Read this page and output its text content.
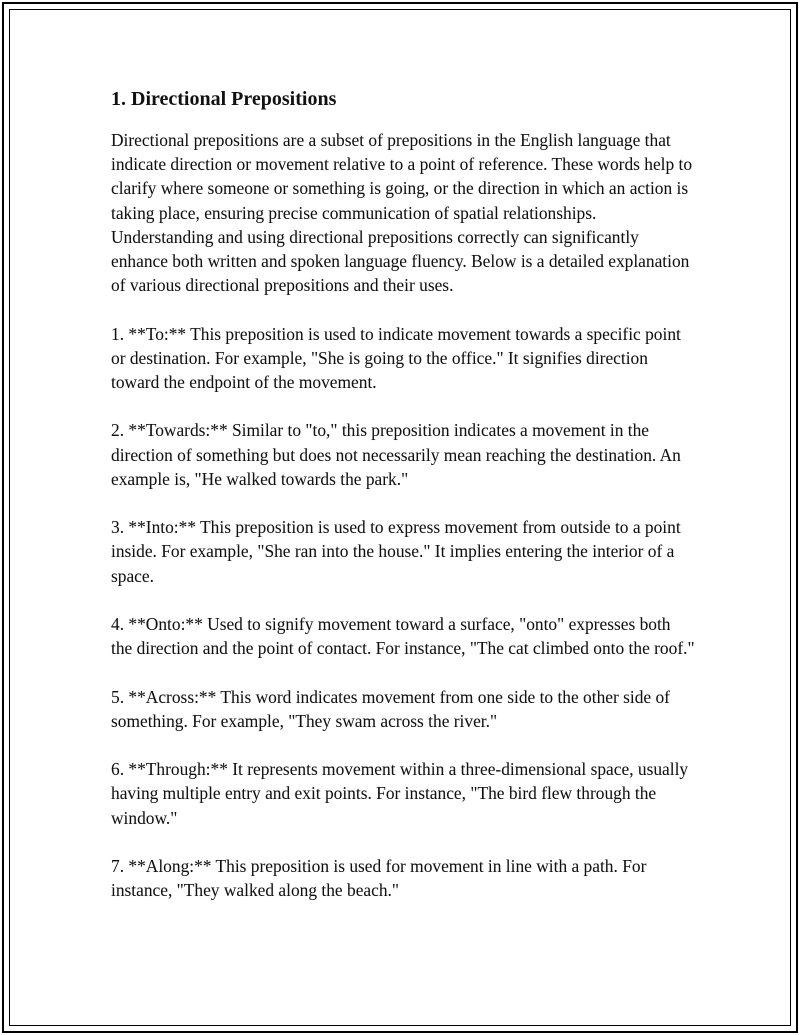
1. Directional Prepositions

Directional prepositions are a subset of prepositions in the English language that indicate direction or movement relative to a point of reference. These words help to clarify where someone or something is going, or the direction in which an action is taking place, ensuring precise communication of spatial relationships. Understanding and using directional prepositions correctly can significantly enhance both written and spoken language fluency. Below is a detailed explanation of various directional prepositions and their uses.

1. **To:** This preposition is used to indicate movement towards a specific point or destination. For example, "She is going to the office." It signifies direction toward the endpoint of the movement.

2. **Towards:** Similar to "to," this preposition indicates a movement in the direction of something but does not necessarily mean reaching the destination. An example is, "He walked towards the park."

3. **Into:** This preposition is used to express movement from outside to a point inside. For example, "She ran into the house." It implies entering the interior of a space.

4. **Onto:** Used to signify movement toward a surface, "onto" expresses both the direction and the point of contact. For instance, "The cat climbed onto the roof."

5. **Across:** This word indicates movement from one side to the other side of something. For example, "They swam across the river."

6. **Through:** It represents movement within a three-dimensional space, usually having multiple entry and exit points. For instance, "The bird flew through the window."

7. **Along:** This preposition is used for movement in line with a path. For instance, "They walked along the beach."
